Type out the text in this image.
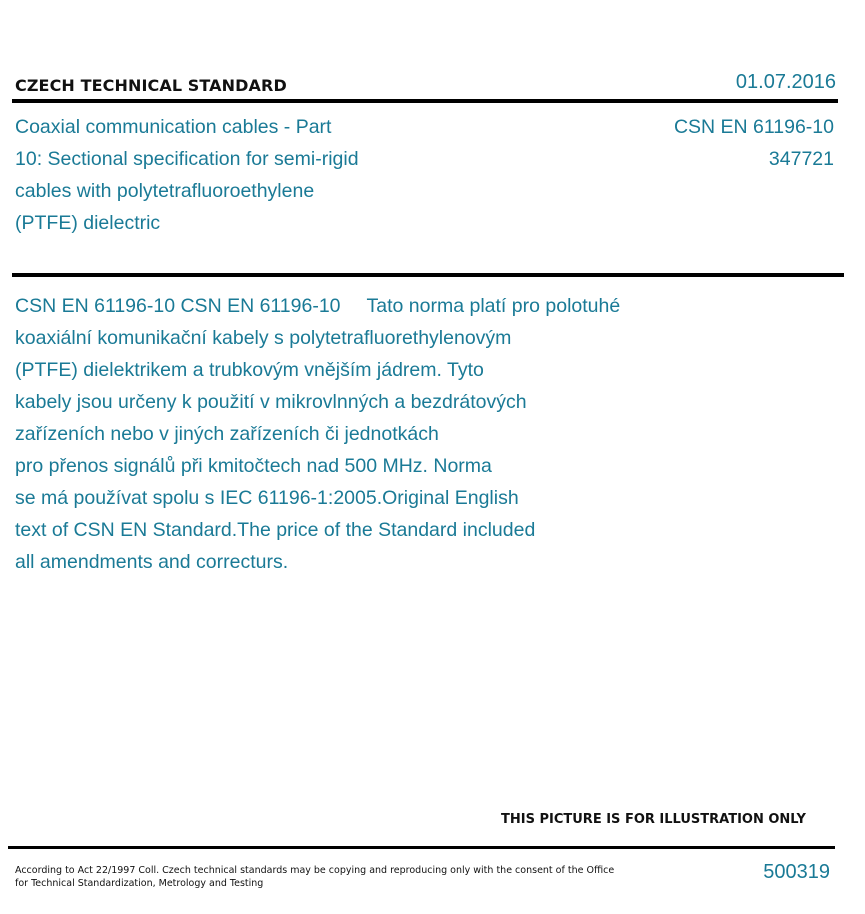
CZECH TECHNICAL STANDARD	01.07.2016
Coaxial communication cables - Part
10: Sectional specification for semi-rigid
cables with polytetrafluoroethylene
(PTFE) dielectric
CSN EN 61196-10
347721
CSN EN 61196-10 CSN EN 61196-10 Tato norma platí pro polotuhé
koaxiální komunikační kabely s polytetrafluorethylenovým
(PTFE) dielektrikem a trubkovým vnějším jádrem. Tyto
kabely jsou určeny k použití v mikrovlnných a bezdrátových
zařízeních nebo v jiných zařízeních či jednotkách
pro přenos signálů při kmitočtech nad 500 MHz. Norma
se má používat spolu s IEC 61196-1:2005.Original English
text of CSN EN Standard.The price of the Standard included
all amendments and correcturs.
THIS PICTURE IS FOR ILLUSTRATION ONLY
According to Act 22/1997 Coll. Czech technical standards may be copying and reproducing only with the consent of the Office
for Technical Standardization, Metrology and Testing
500319
